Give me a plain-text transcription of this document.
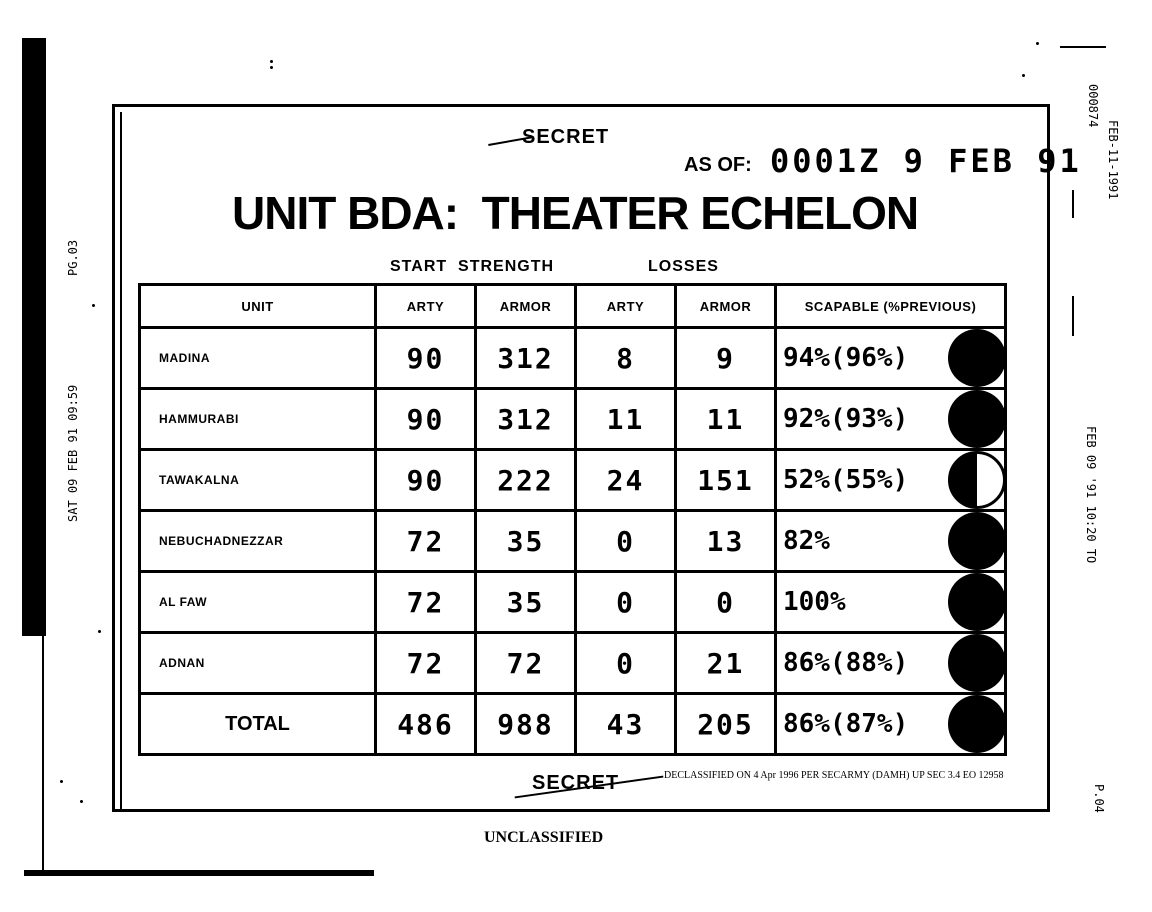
PG.03
SAT 09 FEB 91 09:59
000874
FEB-11-1991
FEB 09 '91 10:20 TO
P.04
SECRET
AS OF: 0001Z 9 FEB 91
UNIT BDA:  THEATER ECHELON
START  STRENGTH	LOSSES
UNIT	ARTY	ARMOR	ARTY	ARMOR	SCAPABLE (%PREVIOUS)
MADINA	90	312	8	9	94%(96%)

HAMMURABI	90	312	11	11	92%(93%)

TAWAKALNA	90	222	24	151	52%(55%)

NEBUCHADNEZZAR	72	35	0	13	82%

AL FAW	72	35	0	0	100%

ADNAN	72	72	0	21	86%(88%)

TOTAL	486	988	43	205	86%(87%)
SECRET	DECLASSIFIED ON 4 Apr 1996 PER SECARMY (DAMH) UP SEC 3.4 EO 12958
UNCLASSIFIED
